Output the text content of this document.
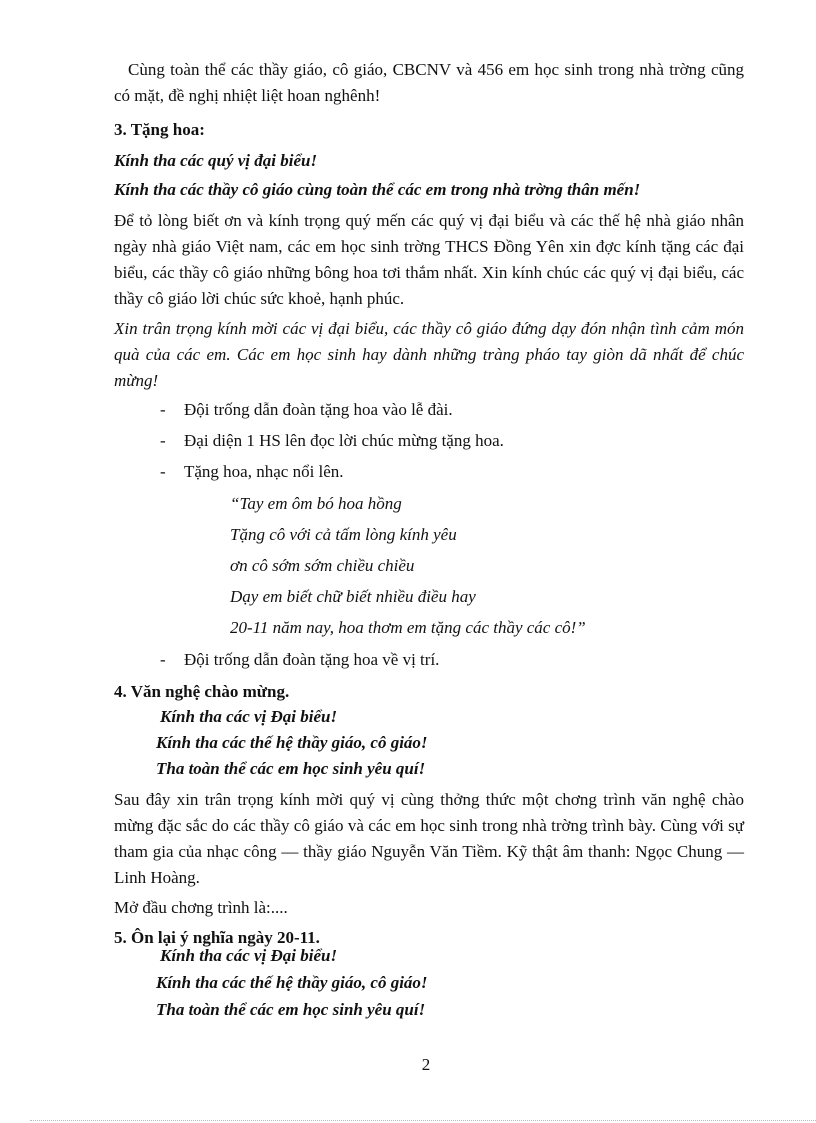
Cùng toàn thể các thầy giáo, cô giáo, CBCNV và 456 em học sinh trong nhà trờng cũng có mặt, đề nghị nhiệt liệt hoan nghênh!
3. Tặng hoa:
Kính tha các quý vị đại biểu!
Kính tha các thầy cô giáo cùng toàn thể các em trong nhà trờng thân mến!
Để tỏ lòng biết ơn và kính trọng quý mến các quý vị đại biểu và các thế hệ nhà giáo nhân ngày nhà giáo Việt nam, các em học sinh trờng THCS Đồng Yên xin đợc kính tặng các đại biểu, các thầy cô giáo những bông hoa tơi thắm nhất. Xin kính chúc các quý vị đại biểu, các thầy cô giáo lời chúc sức khoẻ, hạnh phúc.
Xin trân trọng kính mời các vị đại biểu, các thầy cô giáo đứng dạy đón nhận tình cảm món quà của các em. Các em học sinh hay dành những tràng pháo tay giòn dã nhất để chúc mừng!
- Đội trống dẫn đoàn tặng hoa vào lễ đài.
- Đại diện 1 HS lên đọc lời chúc mừng tặng hoa.
- Tặng hoa, nhạc nổi lên.
“Tay em ôm bó hoa hồng
Tặng cô với cả tấm lòng kính yêu
ơn cô sớm sớm chiều chiều
Dạy em biết chữ biết nhiều điều hay
20-11 năm nay, hoa thơm em tặng các thầy các cô!”
- Đội trống dẫn đoàn tặng hoa về vị trí.
4. Văn nghệ chào mừng.
Kính tha các vị Đại biểu!
Kính tha các thế hệ thầy giáo, cô giáo!
Tha toàn thể các em học sinh yêu quí!
Sau đây xin trân trọng kính mời quý vị cùng thởng thức một chơng trình văn nghệ chào mừng đặc sắc do các thầy cô giáo và các em học sinh trong nhà trờng trình bày. Cùng với sự tham gia của nhạc công — thầy giáo Nguyễn Văn Tiềm. Kỹ thật âm thanh: Ngọc Chung — Linh Hoàng.
Mở đầu chơng trình là:....
5. Ôn lại ý nghĩa ngày 20-11.
Kính tha các vị Đại biểu!
Kính tha các thế hệ thầy giáo, cô giáo!
Tha toàn thể các em học sinh yêu quí!
2
